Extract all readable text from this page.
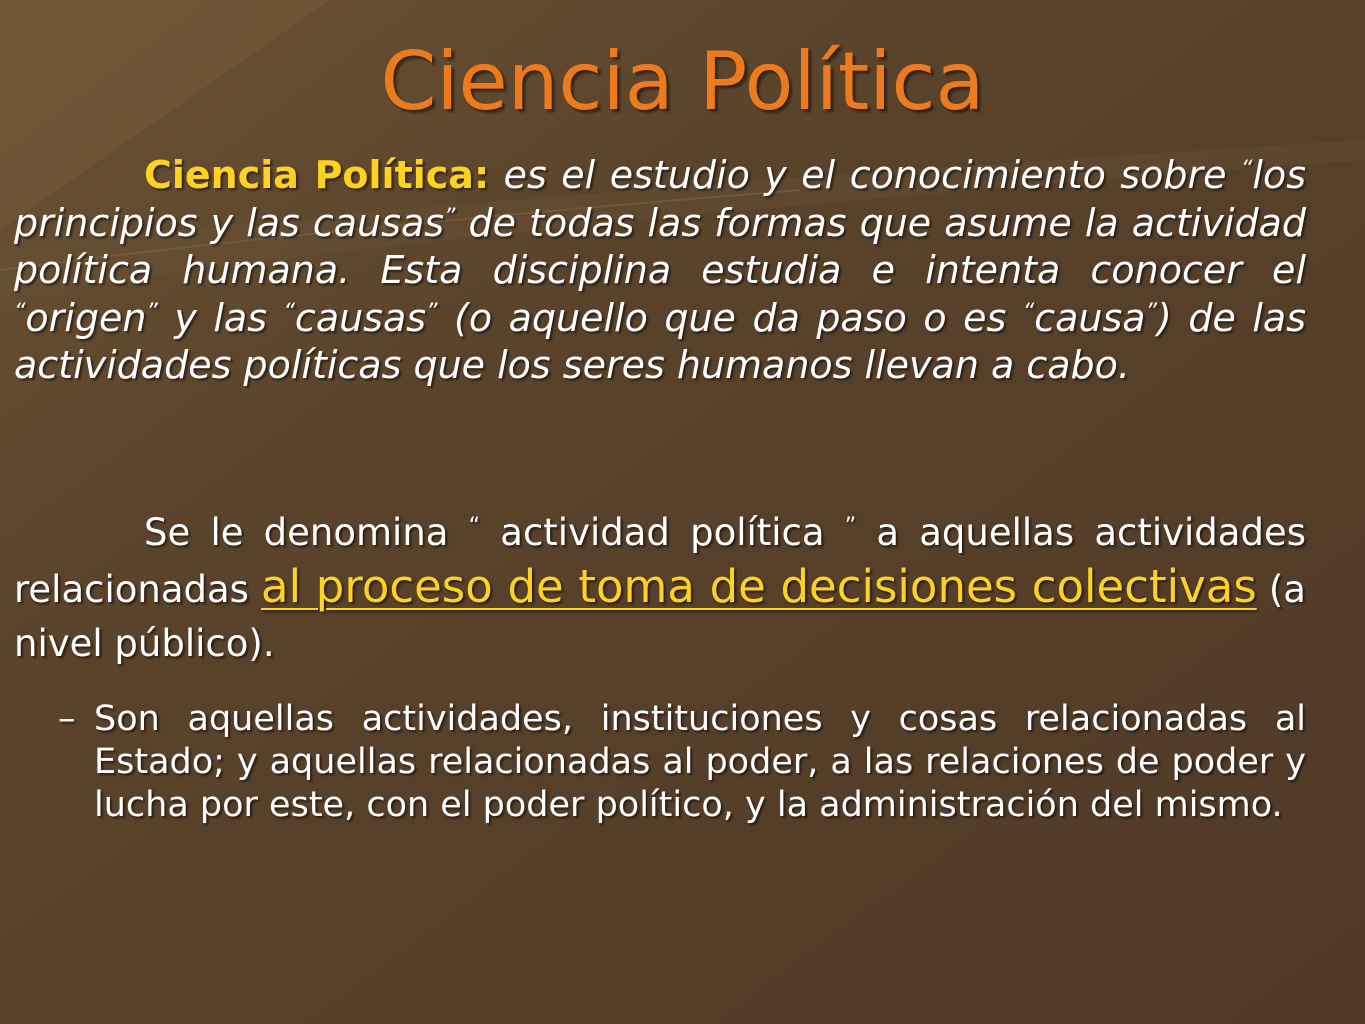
Ciencia Política

Ciencia Política: es el estudio y el conocimiento sobre “los principios y las causas” de todas las formas que asume la actividad política humana. Esta disciplina estudia e intenta conocer el “origen” y las “causas” (o aquello que da paso o es “causa”) de las actividades políticas que los seres humanos llevan a cabo.

Se le denomina “ actividad política ” a aquellas actividades relacionadas al proceso de toma de decisiones colectivas (a nivel público).

– Son aquellas actividades, instituciones y cosas relacionadas al Estado; y aquellas relacionadas al poder, a las relaciones de poder y lucha por este, con el poder político, y la administración del mismo.
